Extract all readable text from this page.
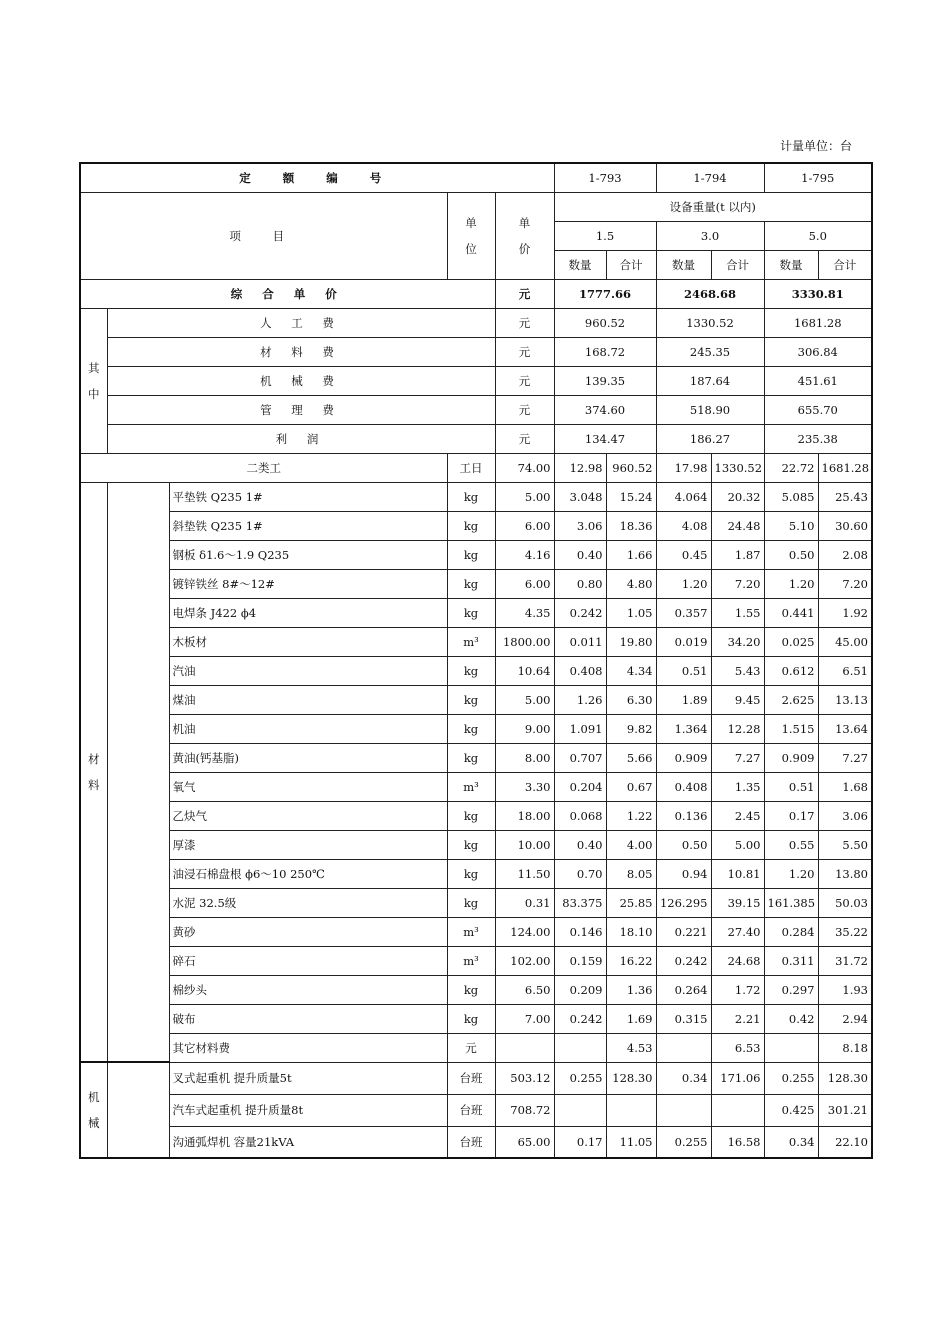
计量单位：台
定 额 编 号					1-793		1-794		1-795	
项 目			单位	单价	设备重量(t 以内)					
					1.5		3.0		5.0	
					数量	合计	数量	合计	数量	合计
综 合 单 价				元	1777.66		2468.68		3330.81	
其中	人 工 费			元	960.52		1330.52		1681.28	
	材 料 费			元	168.72		245.35		306.84	
	机 械 费			元	139.35		187.64		451.61	
	管 理 费			元	374.60		518.90		655.70	
	利 润			元	134.47		186.27		235.38	
二类工			工日	74.00	12.98	960.52	17.98	1330.52	22.72	1681.28
材料		平垫铁 Q235 1#	kg	5.00	3.048	15.24	4.064	20.32	5.085	25.43
		斜垫铁 Q235 1#	kg	6.00	3.06	18.36	4.08	24.48	5.10	30.60
		钢板 δ1.6～1.9 Q235	kg	4.16	0.40	1.66	0.45	1.87	0.50	2.08
		镀锌铁丝 8#～12#	kg	6.00	0.80	4.80	1.20	7.20	1.20	7.20
		电焊条 J422 ϕ4	kg	4.35	0.242	1.05	0.357	1.55	0.441	1.92
		木板材	m³	1800.00	0.011	19.80	0.019	34.20	0.025	45.00
		汽油	kg	10.64	0.408	4.34	0.51	5.43	0.612	6.51
		煤油	kg	5.00	1.26	6.30	1.89	9.45	2.625	13.13
		机油	kg	9.00	1.091	9.82	1.364	12.28	1.515	13.64
		黄油(钙基脂)	kg	8.00	0.707	5.66	0.909	7.27	0.909	7.27
		氧气	m³	3.30	0.204	0.67	0.408	1.35	0.51	1.68
		乙炔气	kg	18.00	0.068	1.22	0.136	2.45	0.17	3.06
		厚漆	kg	10.00	0.40	4.00	0.50	5.00	0.55	5.50
		油浸石棉盘根 ϕ6～10 250℃	kg	11.50	0.70	8.05	0.94	10.81	1.20	13.80
		水泥 32.5级	kg	0.31	83.375	25.85	126.295	39.15	161.385	50.03
		黄砂	m³	124.00	0.146	18.10	0.221	27.40	0.284	35.22
		碎石	m³	102.00	0.159	16.22	0.242	24.68	0.311	31.72
		棉纱头	kg	6.50	0.209	1.36	0.264	1.72	0.297	1.93
		破布	kg	7.00	0.242	1.69	0.315	2.21	0.42	2.94
		其它材料费	元			4.53		6.53		8.18
机械		叉式起重机 提升质量5t	台班	503.12	0.255	128.30	0.34	171.06	0.255	128.30
		汽车式起重机 提升质量8t	台班	708.72					0.425	301.21
		沟通弧焊机 容量21kVA	台班	65.00	0.17	11.05	0.255	16.58	0.34	22.10
